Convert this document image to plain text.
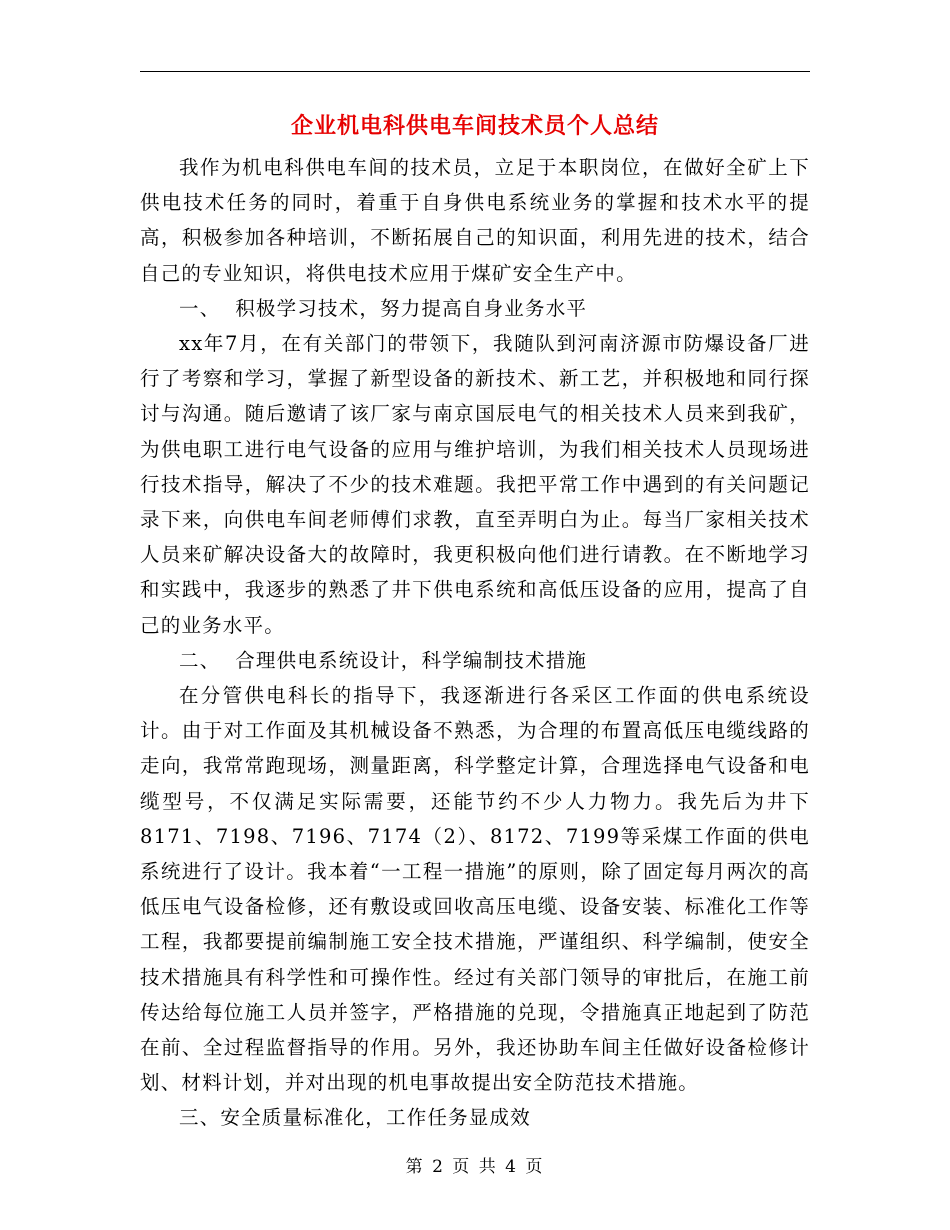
企业机电科供电车间技术员个人总结

我作为机电科供电车间的技术员，立足于本职岗位，在做好全矿上下供电技术任务的同时，着重于自身供电系统业务的掌握和技术水平的提高，积极参加各种培训，不断拓展自己的知识面，利用先进的技术，结合自己的专业知识，将供电技术应用于煤矿安全生产中。

一、  积极学习技术，努力提高自身业务水平

xx年7月，在有关部门的带领下，我随队到河南济源市防爆设备厂进行了考察和学习，掌握了新型设备的新技术、新工艺，并积极地和同行探讨与沟通。随后邀请了该厂家与南京国辰电气的相关技术人员来到我矿，为供电职工进行电气设备的应用与维护培训，为我们相关技术人员现场进行技术指导，解决了不少的技术难题。我把平常工作中遇到的有关问题记录下来，向供电车间老师傅们求教，直至弄明白为止。每当厂家相关技术人员来矿解决设备大的故障时，我更积极向他们进行请教。在不断地学习和实践中，我逐步的熟悉了井下供电系统和高低压设备的应用，提高了自己的业务水平。

二、  合理供电系统设计，科学编制技术措施

在分管供电科长的指导下，我逐渐进行各采区工作面的供电系统设计。由于对工作面及其机械设备不熟悉，为合理的布置高低压电缆线路的走向，我常常跑现场，测量距离，科学整定计算，合理选择电气设备和电缆型号，不仅满足实际需要，还能节约不少人力物力。我先后为井下8171、7198、7196、7174（2）、8172、7199等采煤工作面的供电系统进行了设计。我本着“一工程一措施”的原则，除了固定每月两次的高低压电气设备检修，还有敷设或回收高压电缆、设备安装、标准化工作等工程，我都要提前编制施工安全技术措施，严谨组织、科学编制，使安全技术措施具有科学性和可操作性。经过有关部门领导的审批后，在施工前传达给每位施工人员并签字，严格措施的兑现，令措施真正地起到了防范在前、全过程监督指导的作用。另外，我还协助车间主任做好设备检修计划、材料计划，并对出现的机电事故提出安全防范技术措施。

三、安全质量标准化，工作任务显成效

第 2 页 共 4 页
